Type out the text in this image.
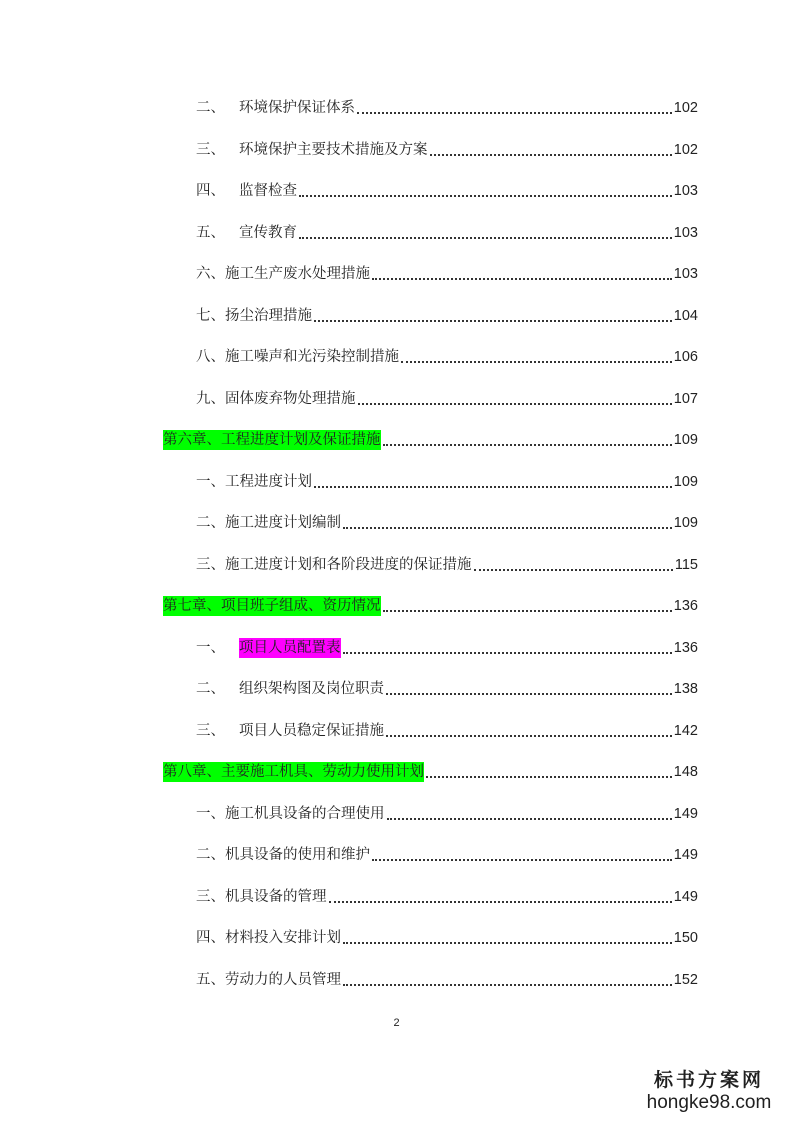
二、 环境保护保证体系	102
三、 环境保护主要技术措施及方案	102
四、 监督检查	103
五、 宣传教育	103
六、施工生产废水处理措施	103
七、扬尘治理措施	104
八、施工噪声和光污染控制措施	106
九、固体废弃物处理措施	107
第六章、工程进度计划及保证措施	109
一、工程进度计划	109
二、施工进度计划编制	109
三、施工进度计划和各阶段进度的保证措施	115
第七章、项目班子组成、资历情况	136
一、 项目人员配置表	136
二、 组织架构图及岗位职责	138
三、 项目人员稳定保证措施	142
第八章、主要施工机具、劳动力使用计划	148
一、施工机具设备的合理使用	149
二、机具设备的使用和维护	149
三、机具设备的管理	149
四、材料投入安排计划	150
五、劳动力的人员管理	152
2
标书方案网
hongke98.com
